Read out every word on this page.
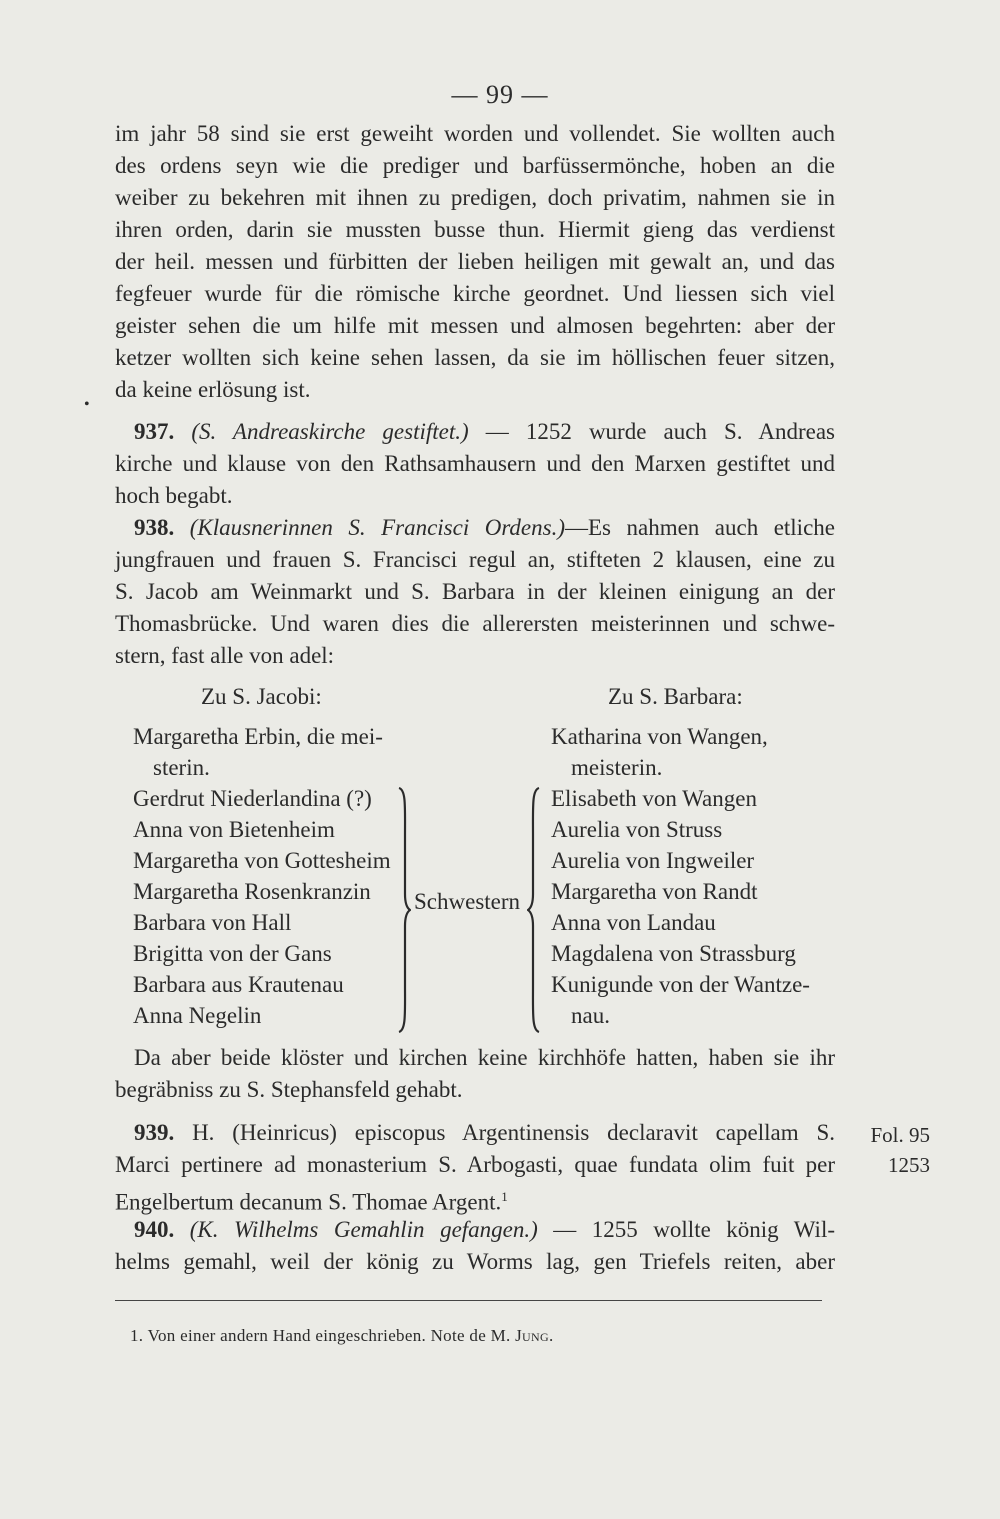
— 99 —
im jahr 58 sind sie erst geweiht worden und vollendet. Sie wollten auch
des ordens seyn wie die prediger und barfüssermönche, hoben an die
weiber zu bekehren mit ihnen zu predigen, doch privatim, nahmen sie in
ihren orden, darin sie mussten busse thun. Hiermit gieng das verdienst
der heil. messen und fürbitten der lieben heiligen mit gewalt an, und das
fegfeuer wurde für die römische kirche geordnet. Und liessen sich viel
geister sehen die um hilfe mit messen und almosen begehrten: aber der
ketzer wollten sich keine sehen lassen, da sie im höllischen feuer sitzen,
da keine erlösung ist.
•
937. (S. Andreaskirche gestiftet.) — 1252 wurde auch S. Andreas
kirche und klause von den Rathsamhausern und den Marxen gestiftet und
hoch begabt.
938. (Klausnerinnen S. Francisci Ordens.)—Es nahmen auch etliche
jungfrauen und frauen S. Francisci regul an, stifteten 2 klausen, eine zu
S. Jacob am Weinmarkt und S. Barbara in der kleinen einigung an der
Thomasbrücke. Und waren dies die allerersten meisterinnen und schwe-
stern, fast alle von adel:
Zu S. Jacobi:	Zu S. Barbara:
Margaretha Erbin, die mei-
sterin.
Gerdrut Niederlandina (?)
Anna von Bietenheim
Margaretha von Gottesheim
Margaretha Rosenkranzin
Barbara von Hall
Brigitta von der Gans
Barbara aus Krautenau
Anna Negelin
Katharina von Wangen,
meisterin.
Elisabeth von Wangen
Aurelia von Struss
Aurelia von Ingweiler
Margaretha von Randt
Anna von Landau
Magdalena von Strassburg
Kunigunde von der Wantze-
nau.
Schwestern
Da aber beide klöster und kirchen keine kirchhöfe hatten, haben sie ihr
begräbniss zu S. Stephansfeld gehabt.
939. H. (Heinricus) episcopus Argentinensis declaravit capellam S.
Marci pertinere ad monasterium S. Arbogasti, quae fundata olim fuit per
Engelbertum decanum S. Thomae Argent.$^1$
Fol. 95
1253
940. (K. Wilhelms Gemahlin gefangen.) — 1255 wollte könig Wil-
helms gemahl, weil der könig zu Worms lag, gen Triefels reiten, aber
1. Von einer andern Hand eingeschrieben. Note de M. Jung.
